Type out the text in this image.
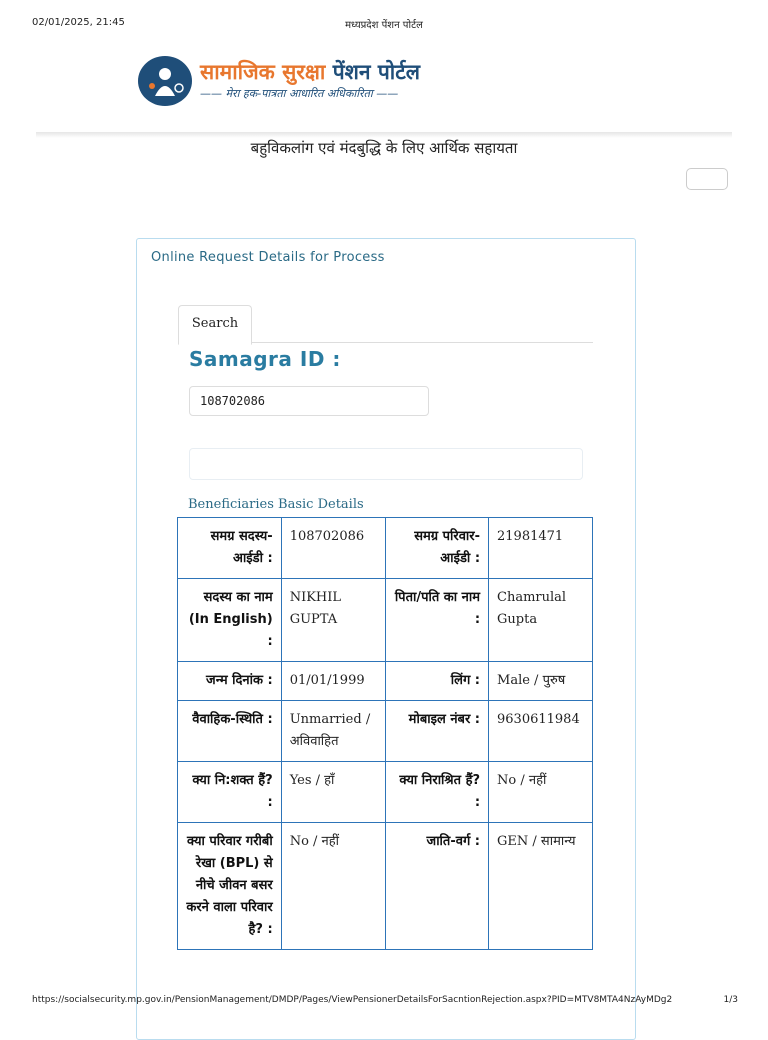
02/01/2025, 21:45	मध्यप्रदेश पेंशन पोर्टल
सामाजिक सुरक्षा पेंशन पोर्टल
—— मेरा हक-पात्रता आधारित अधिकारिता ——
बहुविकलांग एवं मंदबुद्धि के लिए आर्थिक सहायता
Online Request Details for Process
Search
Samagra ID :
108702086
Beneficiaries Basic Details
समग्र सदस्य-आईडी :	108702086	समग्र परिवार-आईडी :	21981471
सदस्य का नाम (In English) :	NIKHIL GUPTA	पिता/पति का नाम :	Chamrulal Gupta
जन्म दिनांक :	01/01/1999	लिंग :	Male / पुरुष
वैवाहिक-स्थिति :	Unmarried / अविवाहित	मोबाइल नंबर :	9630611984
क्या नि:शक्त हैं? :	Yes / हाँ	क्या निराश्रित हैं? :	No / नहीं
क्या परिवार गरीबी रेखा (BPL) से नीचे जीवन बसर करने वाला परिवार है? :	No / नहीं	जाति-वर्ग :	GEN / सामान्य
https://socialsecurity.mp.gov.in/PensionManagement/DMDP/Pages/ViewPensionerDetailsForSacntionRejection.aspx?PID=MTV8MTA4NzAyMDg2	1/3
